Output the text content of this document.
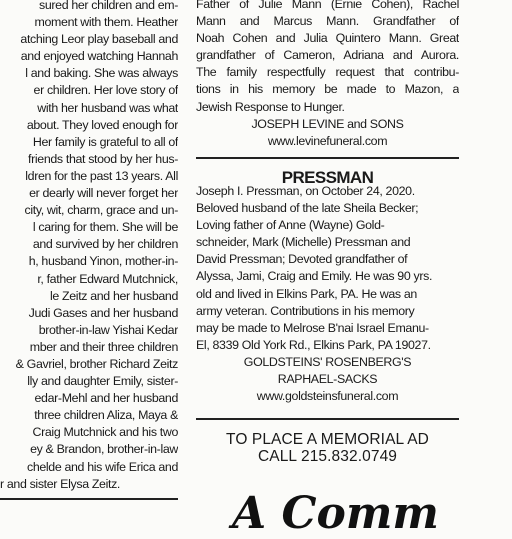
sured her children and em-
moment with them. Heather
atching Leor play baseball and
and enjoyed watching Hannah
l and baking. She was always
er children. Her love story of
with her husband was what
about. They loved enough for
Her family is grateful to all of
friends that stood by her hus-
ldren for the past 13 years. All
er dearly will never forget her
city, wit, charm, grace and un-
l caring for them. She will be
and survived by her children
h, husband Yinon, mother-in-
r, father Edward Mutchnick,
le Zeitz and her husband
Judi Gases and her husband
brother-in-law Yishai Kedar
mber and their three children
& Gavriel, brother Richard Zeitz
lly and daughter Emily, sister-
edar-Mehl and her husband
three children Aliza, Maya &
Craig Mutchnick and his two
ey & Brandon, brother-in-law
chelde and his wife Erica and
r and sister Elysa Zeitz.
Father of Julie Mann (Ernie Cohen), Rachel
Mann and Marcus Mann. Grandfather of
Noah Cohen and Julia Quintero Mann. Great
grandfather of Cameron, Adriana and Aurora.
The family respectfully request that contribu-
tions in his memory be made to Mazon, a
Jewish Response to Hunger.
JOSEPH LEVINE and SONS
www.levinefuneral.com
PRESSMAN
Joseph I. Pressman, on October 24, 2020.
Beloved husband of the late Sheila Becker;
Loving father of Anne (Wayne) Gold-
schneider, Mark (Michelle) Pressman and
David Pressman; Devoted grandfather of
Alyssa, Jami, Craig and Emily. He was 90 yrs.
old and lived in Elkins Park, PA. He was an
army veteran. Contributions in his memory
may be made to Melrose B'nai Israel Emanu-
El, 8339 Old York Rd., Elkins Park, PA 19027.
GOLDSTEINS' ROSENBERG'S
RAPHAEL-SACKS
www.goldsteinsfuneral.com
TO PLACE A MEMORIAL AD
CALL 215.832.0749
A Comm
